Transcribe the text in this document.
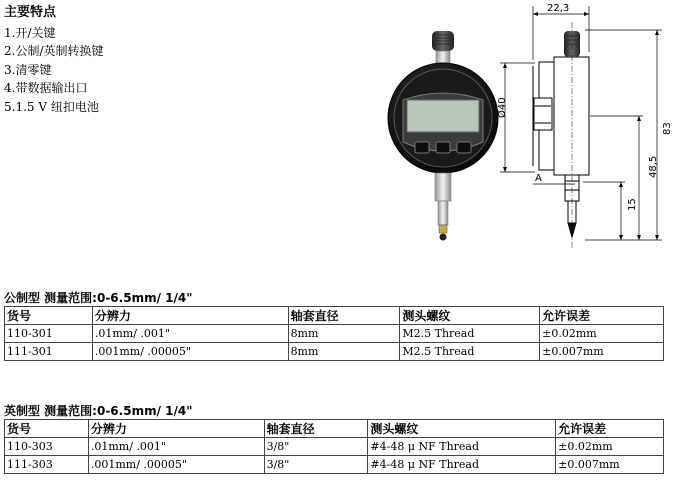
主要特点
1.开/关键
2.公制/英制转换键
3.清零键
4.带数据输出口
5.1.5 V 纽扣电池
22,3
Ø40
83
48,5
15
A
公制型 测量范围:0-6.5mm/ 1/4"
货号	分辨力	轴套直径	测头螺纹	允许误差
110-301	.01mm/ .001"	8mm	M2.5 Thread	±0.02mm
111-301	.001mm/ .00005"	8mm	M2.5 Thread	±0.007mm
英制型 测量范围:0-6.5mm/ 1/4"
货号	分辨力	轴套直径	测头螺纹	允许误差
110-303	.01mm/ .001"	3/8"	#4-48 μ NF Thread	±0.02mm
111-303	.001mm/ .00005"	3/8"	#4-48 μ NF Thread	±0.007mm
